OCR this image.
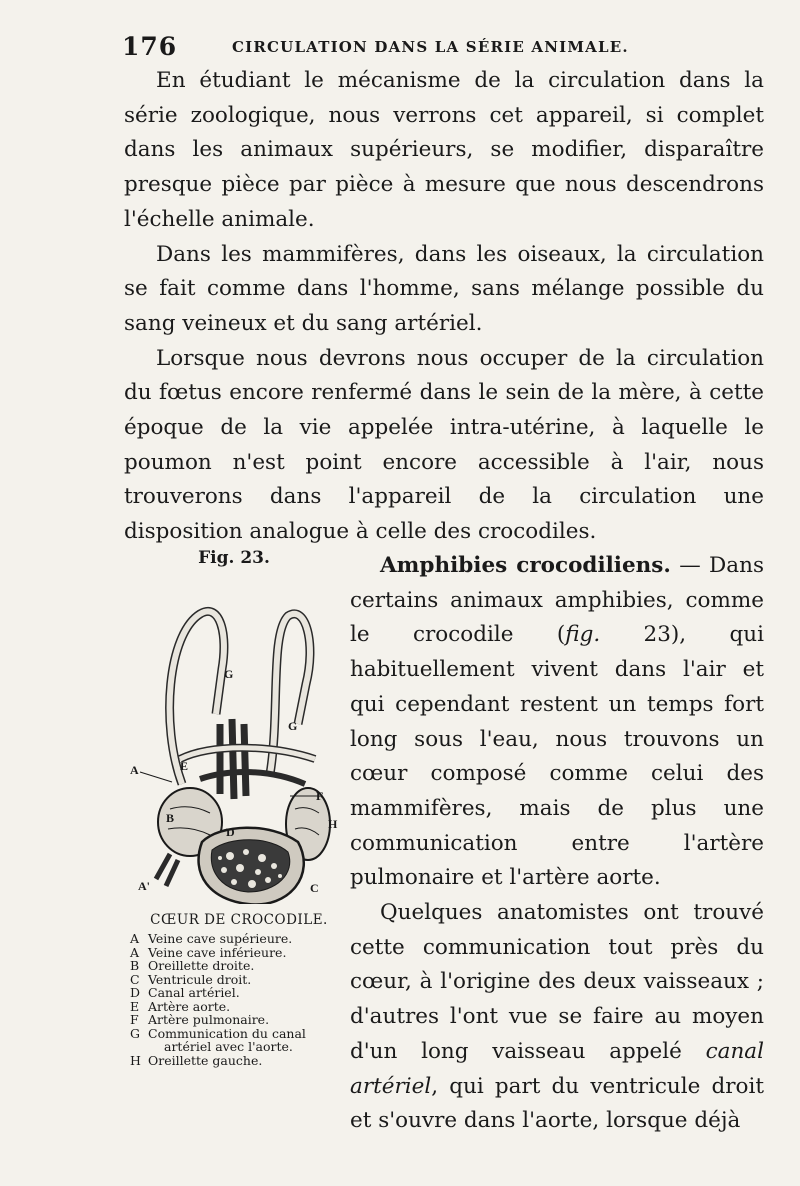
176	CIRCULATION DANS LA SÉRIE ANIMALE.

En étudiant le mécanisme de la circulation dans la série zoologique, nous verrons cet appareil, si complet dans les animaux supérieurs, se modifier, disparaître presque pièce par pièce à mesure que nous descendrons l'échelle animale.

Dans les mammifères, dans les oiseaux, la circulation se fait comme dans l'homme, sans mélange possible du sang veineux et du sang artériel.

Lorsque nous devrons nous occuper de la circulation du fœtus encore renfermé dans le sein de la mère, à cette époque de la vie appelée intra-utérine, à laquelle le poumon n'est point encore accessible à l'air, nous trouverons dans l'appareil de la circulation une disposition analogue à celle des crocodiles.

Fig. 23.
A	E
B
D
A'
G
F
H
C
G
CŒUR DE CROCODILE.
A Veine cave supérieure.
A Veine cave inférieure.
B Oreillette droite.
C Ventricule droit.
D Canal artériel.
E Artère aorte.
F Artère pulmonaire.
G Communication du canal
artériel avec l'aorte.
H Oreillette gauche.

Amphibies crocodiliens. — Dans certains animaux amphibies, comme le crocodile (fig. 23), qui habituellement vivent dans l'air et qui cependant restent un temps fort long sous l'eau, nous trouvons un cœur composé comme celui des mammifères, mais de plus une communication entre l'artère pulmonaire et l'artère aorte.

Quelques anatomistes ont trouvé cette communication tout près du cœur, à l'origine des deux vaisseaux ; d'autres l'ont vue se faire au moyen d'un long vaisseau appelé canal artériel, qui part du ventricule droit et s'ouvre dans l'aorte, lorsque déjà
